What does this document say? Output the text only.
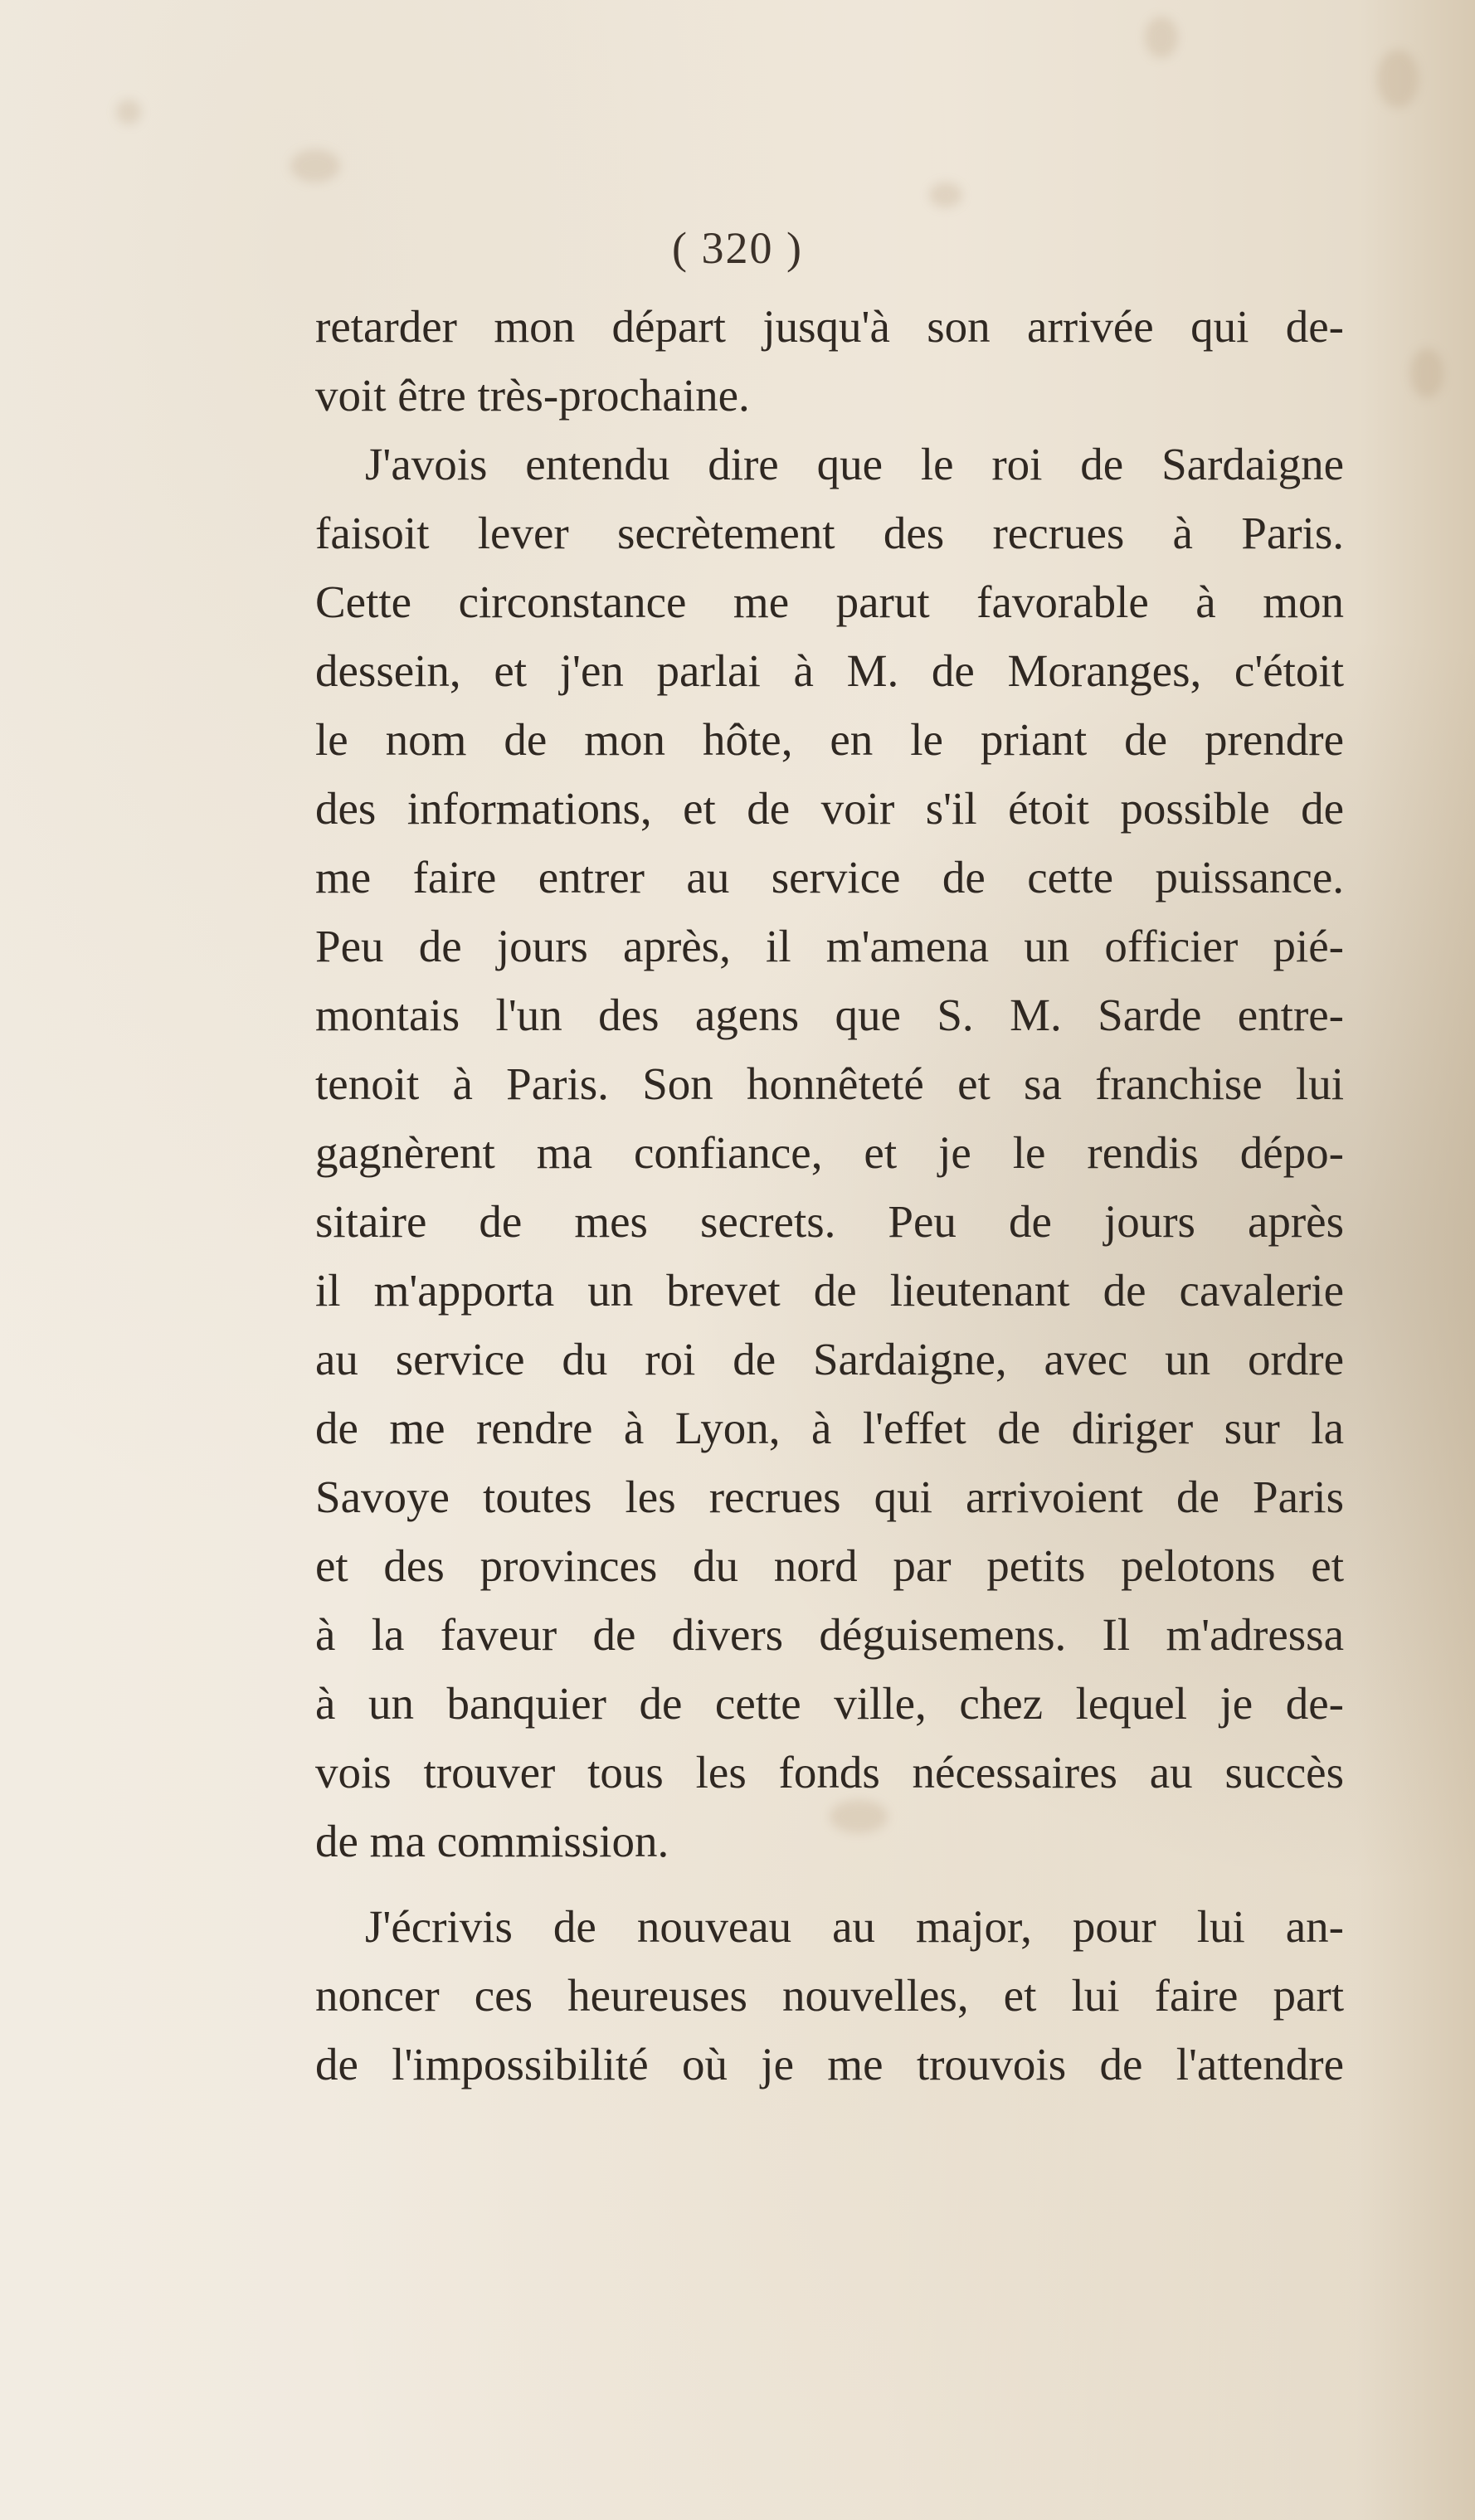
( 320 )
retarder mon départ jusqu'à son arrivée qui de-
voit être très-prochaine.
J'avois entendu dire que le roi de Sardaigne
faisoit lever secrètement des recrues à Paris.
Cette circonstance me parut favorable à mon
dessein, et j'en parlai à M. de Moranges, c'étoit
le nom de mon hôte, en le priant de prendre
des informations, et de voir s'il étoit possible de
me faire entrer au service de cette puissance.
Peu de jours après, il m'amena un officier pié-
montais l'un des agens que S. M. Sarde entre-
tenoit à Paris. Son honnêteté et sa franchise lui
gagnèrent ma confiance, et je le rendis dépo-
sitaire de mes secrets. Peu de jours après
il m'apporta un brevet de lieutenant de cavalerie
au service du roi de Sardaigne, avec un ordre
de me rendre à Lyon, à l'effet de diriger sur la
Savoye toutes les recrues qui arrivoient de Paris
et des provinces du nord par petits pelotons et
à la faveur de divers déguisemens. Il m'adressa
à un banquier de cette ville, chez lequel je de-
vois trouver tous les fonds nécessaires au succès
de ma commission.
J'écrivis de nouveau au major, pour lui an-
noncer ces heureuses nouvelles, et lui faire part
de l'impossibilité où je me trouvois de l'attendre
